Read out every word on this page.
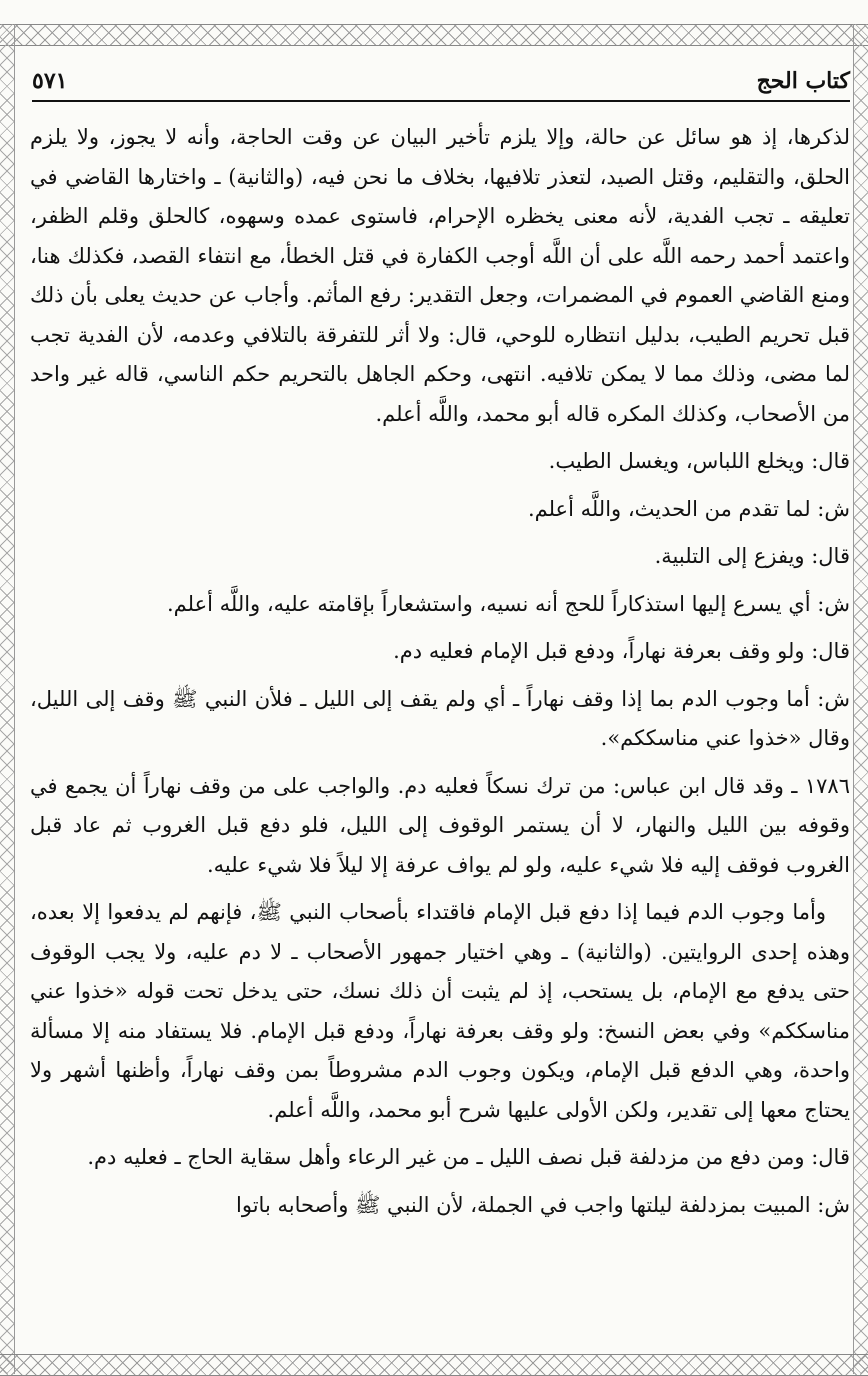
كتاب الحج
٥٧١

لذكرها، إذ هو سائل عن حالة، وإلا يلزم تأخير البيان عن وقت الحاجة، وأنه لا يجوز، ولا يلزم الحلق، والتقليم، وقتل الصيد، لتعذر تلافيها، بخلاف ما نحن فيه، (والثانية) ـ واختارها القاضي في تعليقه ـ تجب الفدية، لأنه معنى يخظره الإحرام، فاستوى عمده وسهوه، كالحلق وقلم الظفر، واعتمد أحمد رحمه اللَّه على أن اللَّه أوجب الكفارة في قتل الخطأ، مع انتفاء القصد، فكذلك هنا، ومنع القاضي العموم في المضمرات، وجعل التقدير: رفع المأثم. وأجاب عن حديث يعلى بأن ذلك قبل تحريم الطيب، بدليل انتظاره للوحي، قال: ولا أثر للتفرقة بالتلافي وعدمه، لأن الفدية تجب لما مضى، وذلك مما لا يمكن تلافيه. انتهى، وحكم الجاهل بالتحريم حكم الناسي، قاله غير واحد من الأصحاب، وكذلك المكره قاله أبو محمد، واللَّه أعلم.

قال: ويخلع اللباس، ويغسل الطيب.

ش: لما تقدم من الحديث، واللَّه أعلم.

قال: ويفزع إلى التلبية.

ش: أي يسرع إليها استذكاراً للحج أنه نسيه، واستشعاراً بإقامته عليه، واللَّه أعلم.

قال: ولو وقف بعرفة نهاراً، ودفع قبل الإمام فعليه دم.

ش: أما وجوب الدم بما إذا وقف نهاراً ـ أي ولم يقف إلى الليل ـ فلأن النبي ﷺ وقف إلى الليل، وقال «خذوا عني مناسككم».

١٧٨٦ ـ وقد قال ابن عباس: من ترك نسكاً فعليه دم. والواجب على من وقف نهاراً أن يجمع في وقوفه بين الليل والنهار، لا أن يستمر الوقوف إلى الليل، فلو دفع قبل الغروب ثم عاد قبل الغروب فوقف إليه فلا شيء عليه، ولو لم يواف عرفة إلا ليلاً فلا شيء عليه.

وأما وجوب الدم فيما إذا دفع قبل الإمام فاقتداء بأصحاب النبي ﷺ، فإنهم لم يدفعوا إلا بعده، وهذه إحدى الروايتين. (والثانية) ـ وهي اختيار جمهور الأصحاب ـ لا دم عليه، ولا يجب الوقوف حتى يدفع مع الإمام، بل يستحب، إذ لم يثبت أن ذلك نسك، حتى يدخل تحت قوله «خذوا عني مناسككم» وفي بعض النسخ: ولو وقف بعرفة نهاراً، ودفع قبل الإمام. فلا يستفاد منه إلا مسألة واحدة، وهي الدفع قبل الإمام، ويكون وجوب الدم مشروطاً بمن وقف نهاراً، وأظنها أشهر ولا يحتاج معها إلى تقدير، ولكن الأولى عليها شرح أبو محمد، واللَّه أعلم.

قال: ومن دفع من مزدلفة قبل نصف الليل ـ من غير الرعاء وأهل سقاية الحاج ـ فعليه دم.

ش: المبيت بمزدلفة ليلتها واجب في الجملة، لأن النبي ﷺ وأصحابه باتوا
